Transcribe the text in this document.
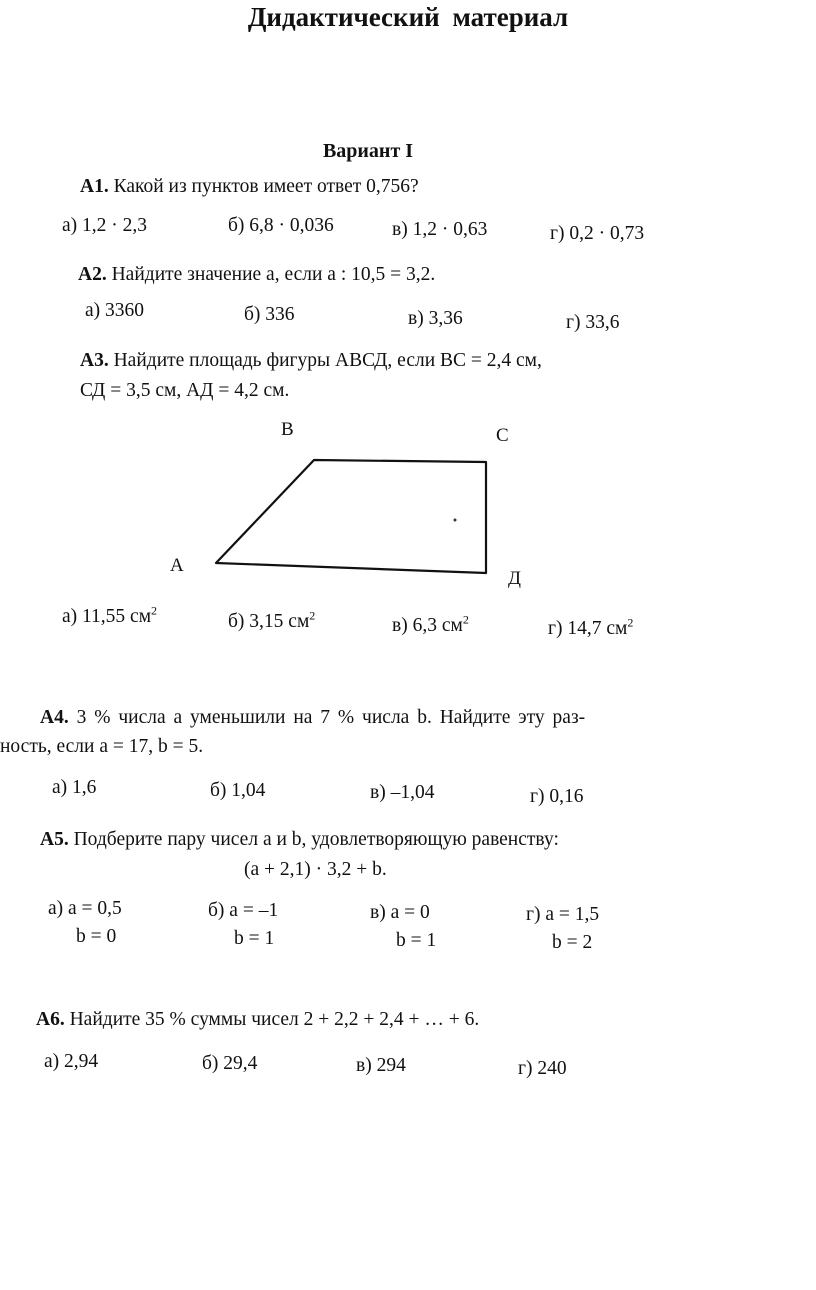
Дидактический материал
Вариант I
А1. Какой из пунктов имеет ответ 0,756?
а) 1,2 · 2,3	б) 6,8 · 0,036	в) 1,2 · 0,63	г) 0,2 · 0,73
А2. Найдите значение а, если а : 10,5 = 3,2.
а) 3360	б) 336	в) 3,36	г) 33,6
А3. Найдите площадь фигуры АВСД, если ВС = 2,4 см,
СД = 3,5 см, АД = 4,2 см.
А
В	С
Д
а) 11,55 $см^2$
б) 3,15 $см^2$	в) 6,3 $см^2$	г) 14,7 $см^2$
А4. 3 % числа а уменьшили на 7 % числа b. Найдите эту раз-
ность, если а = 17, b = 5.
а) 1,6	б) 1,04	в) –1,04	г) 0,16
А5. Подберите пару чисел а и b, удовлетворяющую равенству:
(а + 2,1) · 3,2 + b.
а) а = 0,5
b = 0
б) а = –1
b = 1
в) а = 0
b = 1
г) а = 1,5
b = 2
А6. Найдите 35 % суммы чисел 2 + 2,2 + 2,4 + … + 6.
а) 2,94	б) 29,4	в) 294	г) 240
